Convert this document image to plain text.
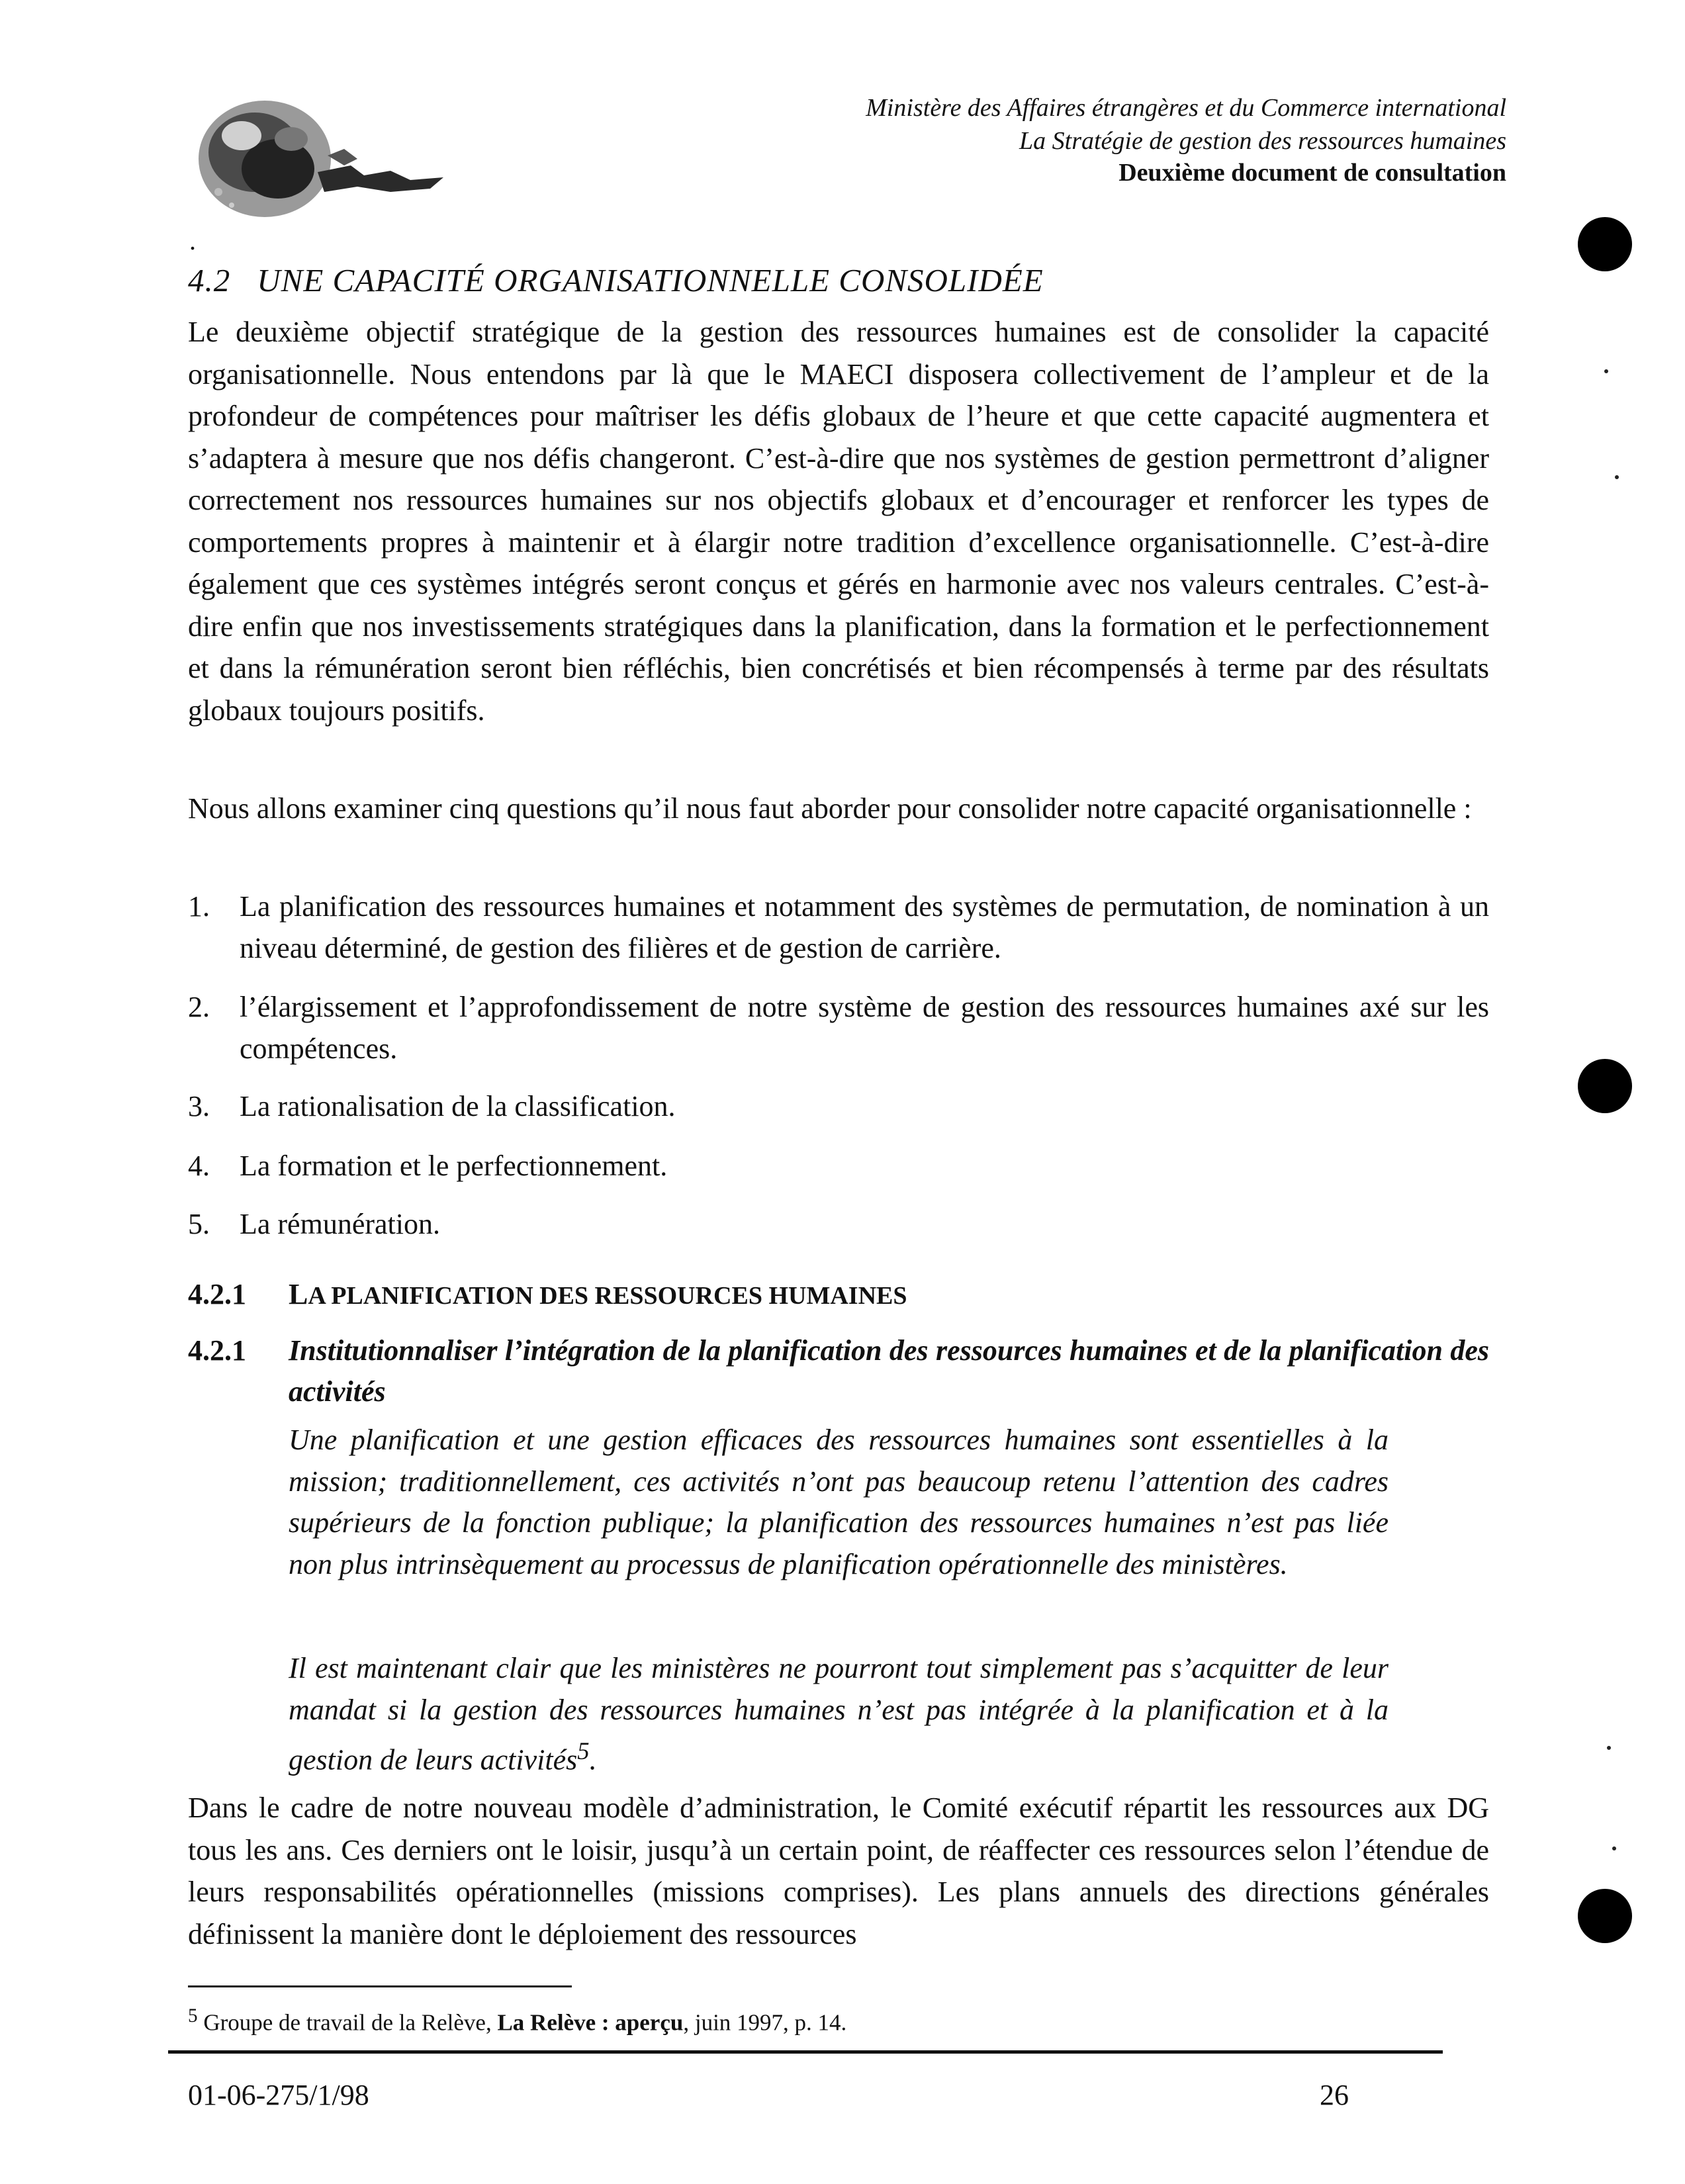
Ministère des Affaires étrangères et du Commerce international
La Stratégie de gestion des ressources humaines
Deuxième document de consultation
.
4.2 UNE CAPACITÉ ORGANISATIONNELLE CONSOLIDÉE

Le deuxième objectif stratégique de la gestion des ressources humaines est de consolider la capacité organisationnelle. Nous entendons par là que le MAECI disposera collectivement de l’ampleur et de la profondeur de compétences pour maîtriser les défis globaux de l’heure et que cette capacité augmentera et s’adaptera à mesure que nos défis changeront. C’est-à-dire que nos systèmes de gestion permettront d’aligner correctement nos ressources humaines sur nos objectifs globaux et d’encourager et renforcer les types de comportements propres à maintenir et à élargir notre tradition d’excellence organisationnelle. C’est-à-dire également que ces systèmes intégrés seront conçus et gérés en harmonie avec nos valeurs centrales. C’est-à-dire enfin que nos investissements stratégiques dans la planification, dans la formation et le perfectionnement et dans la rémunération seront bien réfléchis, bien concrétisés et bien récompensés à terme par des résultats globaux toujours positifs.

Nous allons examiner cinq questions qu’il nous faut aborder pour consolider notre capacité organisationnelle :

1.	La planification des ressources humaines et notamment des systèmes de permutation, de nomination à un niveau déterminé, de gestion des filières et de gestion de carrière.
2.	l’élargissement et l’approfondissement de notre système de gestion des ressources humaines axé sur les compétences.
3.	La rationalisation de la classification.
4.	La formation et le perfectionnement.
5.	La rémunération.
4.2.1 LA PLANIFICATION DES RESSOURCES HUMAINES
4.2.1 Institutionnaliser l’intégration de la planification des ressources humaines et de la planification des activités

Une planification et une gestion efficaces des ressources humaines sont essentielles à la mission; traditionnellement, ces activités n’ont pas beaucoup retenu l’attention des cadres supérieurs de la fonction publique; la planification des ressources humaines n’est pas liée non plus intrinsèquement au processus de planification opérationnelle des ministères.

Il est maintenant clair que les ministères ne pourront tout simplement pas s’acquitter de leur mandat si la gestion des ressources humaines n’est pas intégrée à la planification et à la gestion de leurs activités$^5$.

Dans le cadre de notre nouveau modèle d’administration, le Comité exécutif répartit les ressources aux DG tous les ans. Ces derniers ont le loisir, jusqu’à un certain point, de réaffecter ces ressources selon l’étendue de leurs responsabilités opérationnelles (missions comprises). Les plans annuels des directions générales définissent la manière dont le déploiement des ressources

$^5$ Groupe de travail de la Relève, La Relève : aperçu, juin 1997, p. 14.
01-06-275/1/98	26
